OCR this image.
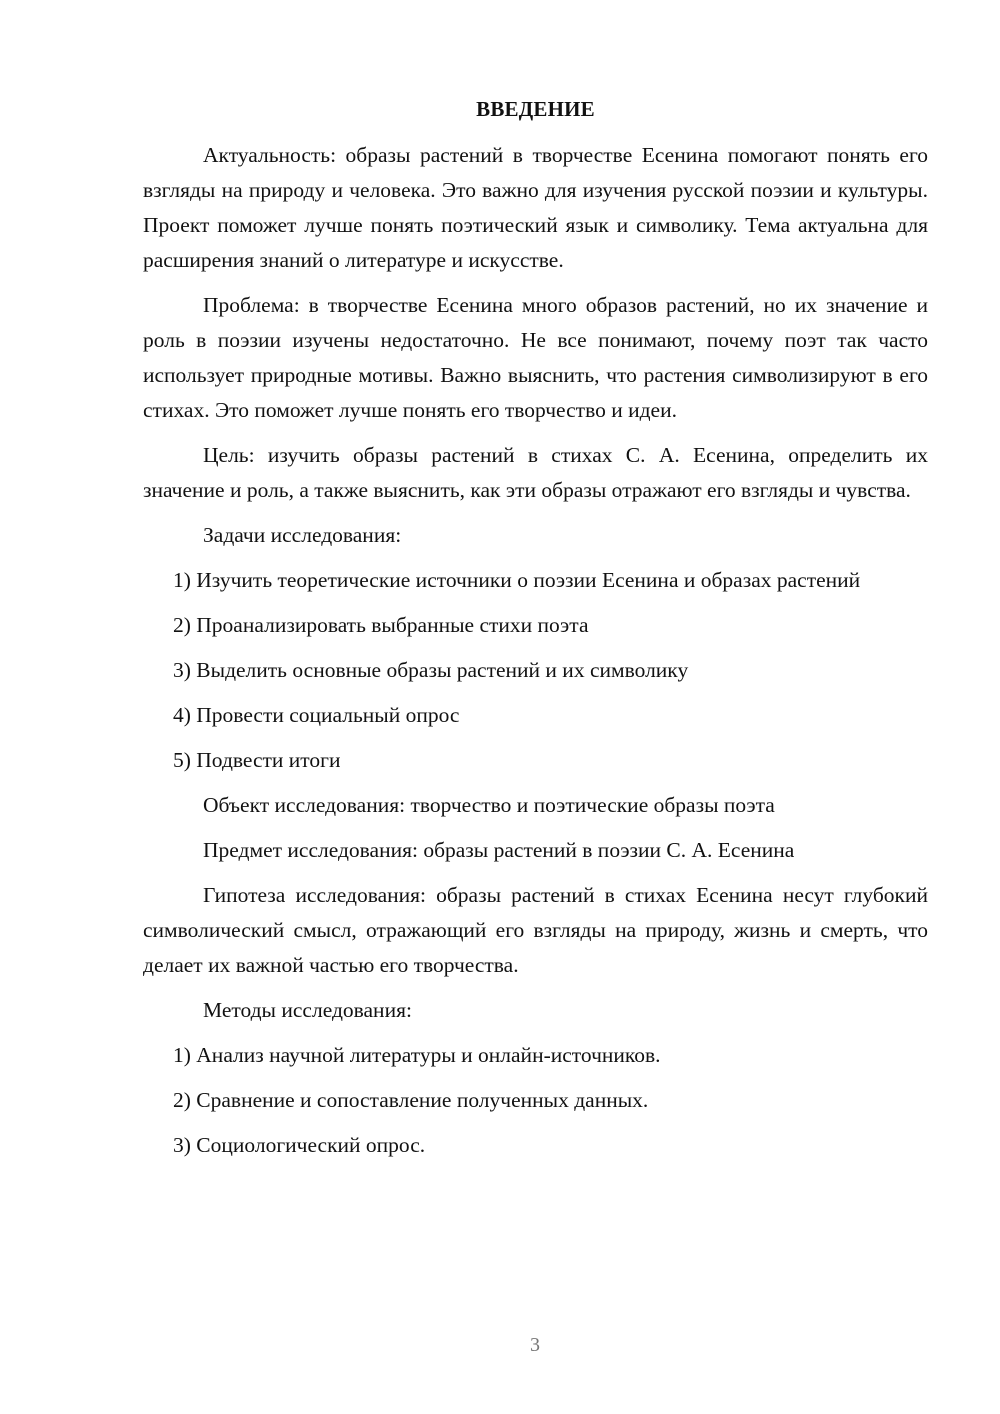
ВВЕДЕНИЕ

Актуальность: образы растений в творчестве Есенина помогают понять его взгляды на природу и человека. Это важно для изучения русской поэзии и культуры. Проект поможет лучше понять поэтический язык и символику. Тема актуальна для расширения знаний о литературе и искусстве.

Проблема: в творчестве Есенина много образов растений, но их значение и роль в поэзии изучены недостаточно. Не все понимают, почему поэт так часто использует природные мотивы. Важно выяснить, что растения символизируют в его стихах. Это поможет лучше понять его творчество и идеи.

Цель: изучить образы растений в стихах С. А. Есенина, определить их значение и роль, а также выяснить, как эти образы отражают его взгляды и чувства.

Задачи исследования:

1) Изучить теоретические источники о поэзии Есенина и образах растений

2) Проанализировать выбранные стихи поэта

3) Выделить основные образы растений и их символику

4) Провести социальный опрос

5) Подвести итоги

Объект исследования: творчество и поэтические образы поэта

Предмет исследования: образы растений в поэзии С. А. Есенина

Гипотеза исследования: образы растений в стихах Есенина несут глубокий символический смысл, отражающий его взгляды на природу, жизнь и смерть, что делает их важной частью его творчества.

Методы исследования:

1) Анализ научной литературы и онлайн-источников.

2) Сравнение и сопоставление полученных данных.

3) Социологический опрос.

3
